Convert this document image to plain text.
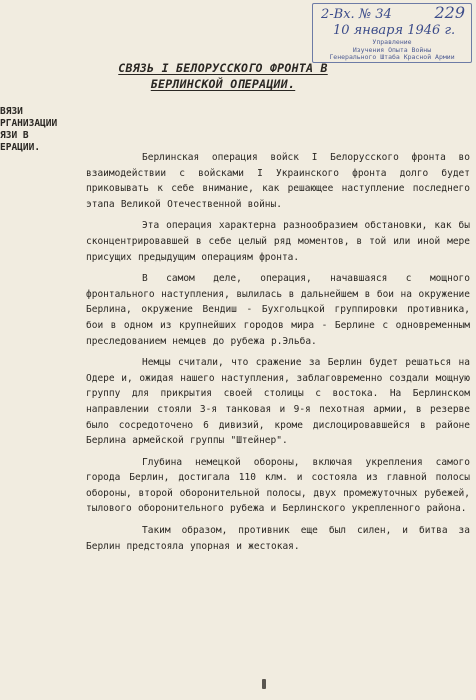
2-Вх. № 34	229
10 января 1946 г.
Управление
Изучения Опыта Войны
Генерального Штаба Красной Армии
СВЯЗЬ I БЕЛОРУССКОГО ФРОНТА В БЕРЛИНСКОЙ ОПЕРАЦИИ.
ВЯЗИ
РГАНИЗАЦИИ
ЯЗИ В
ЕРАЦИИ.

Берлинская операция войск I Белорусского фронта во взаимодействии с войсками I Украинского фронта долго будет приковывать к себе внимание, как решающее наступление последнего этапа Великой Отечественной войны.

Эта операция характерна разнообразием обстановки, как бы сконцентрировавшей в себе целый ряд моментов, в той или иной мере присущих предыдущим операциям фронта.

В самом деле, операция, начавшаяся с мощного фронтального наступления, вылилась в дальнейшем в бои на окружение Берлина, окружение Вендиш - Бухгольцкой группировки противника, бои в одном из крупнейших городов мира - Берлине с одновременным преследованием немцев до рубежа р.Эльба.

Немцы считали, что сражение за Берлин будет решаться на Одере и, ожидая нашего наступления, заблаговременно создали мощную группу для прикрытия своей столицы с востока. На Берлинском направлении стояли 3-я танковая и 9-я пехотная армии, в резерве было сосредоточено 6 дивизий, кроме дислоцировавшейся в районе Берлина армейской группы "Штейнер".

Глубина немецкой обороны, включая укрепления самого города Берлин, достигала 110 клм. и состояла из главной полосы обороны, второй оборонительной полосы, двух промежуточных рубежей, тылового оборонительного рубежа и Берлинского укрепленного района.

Таким образом, противник еще был силен, и битва за Берлин предстояла упорная и жестокая.
